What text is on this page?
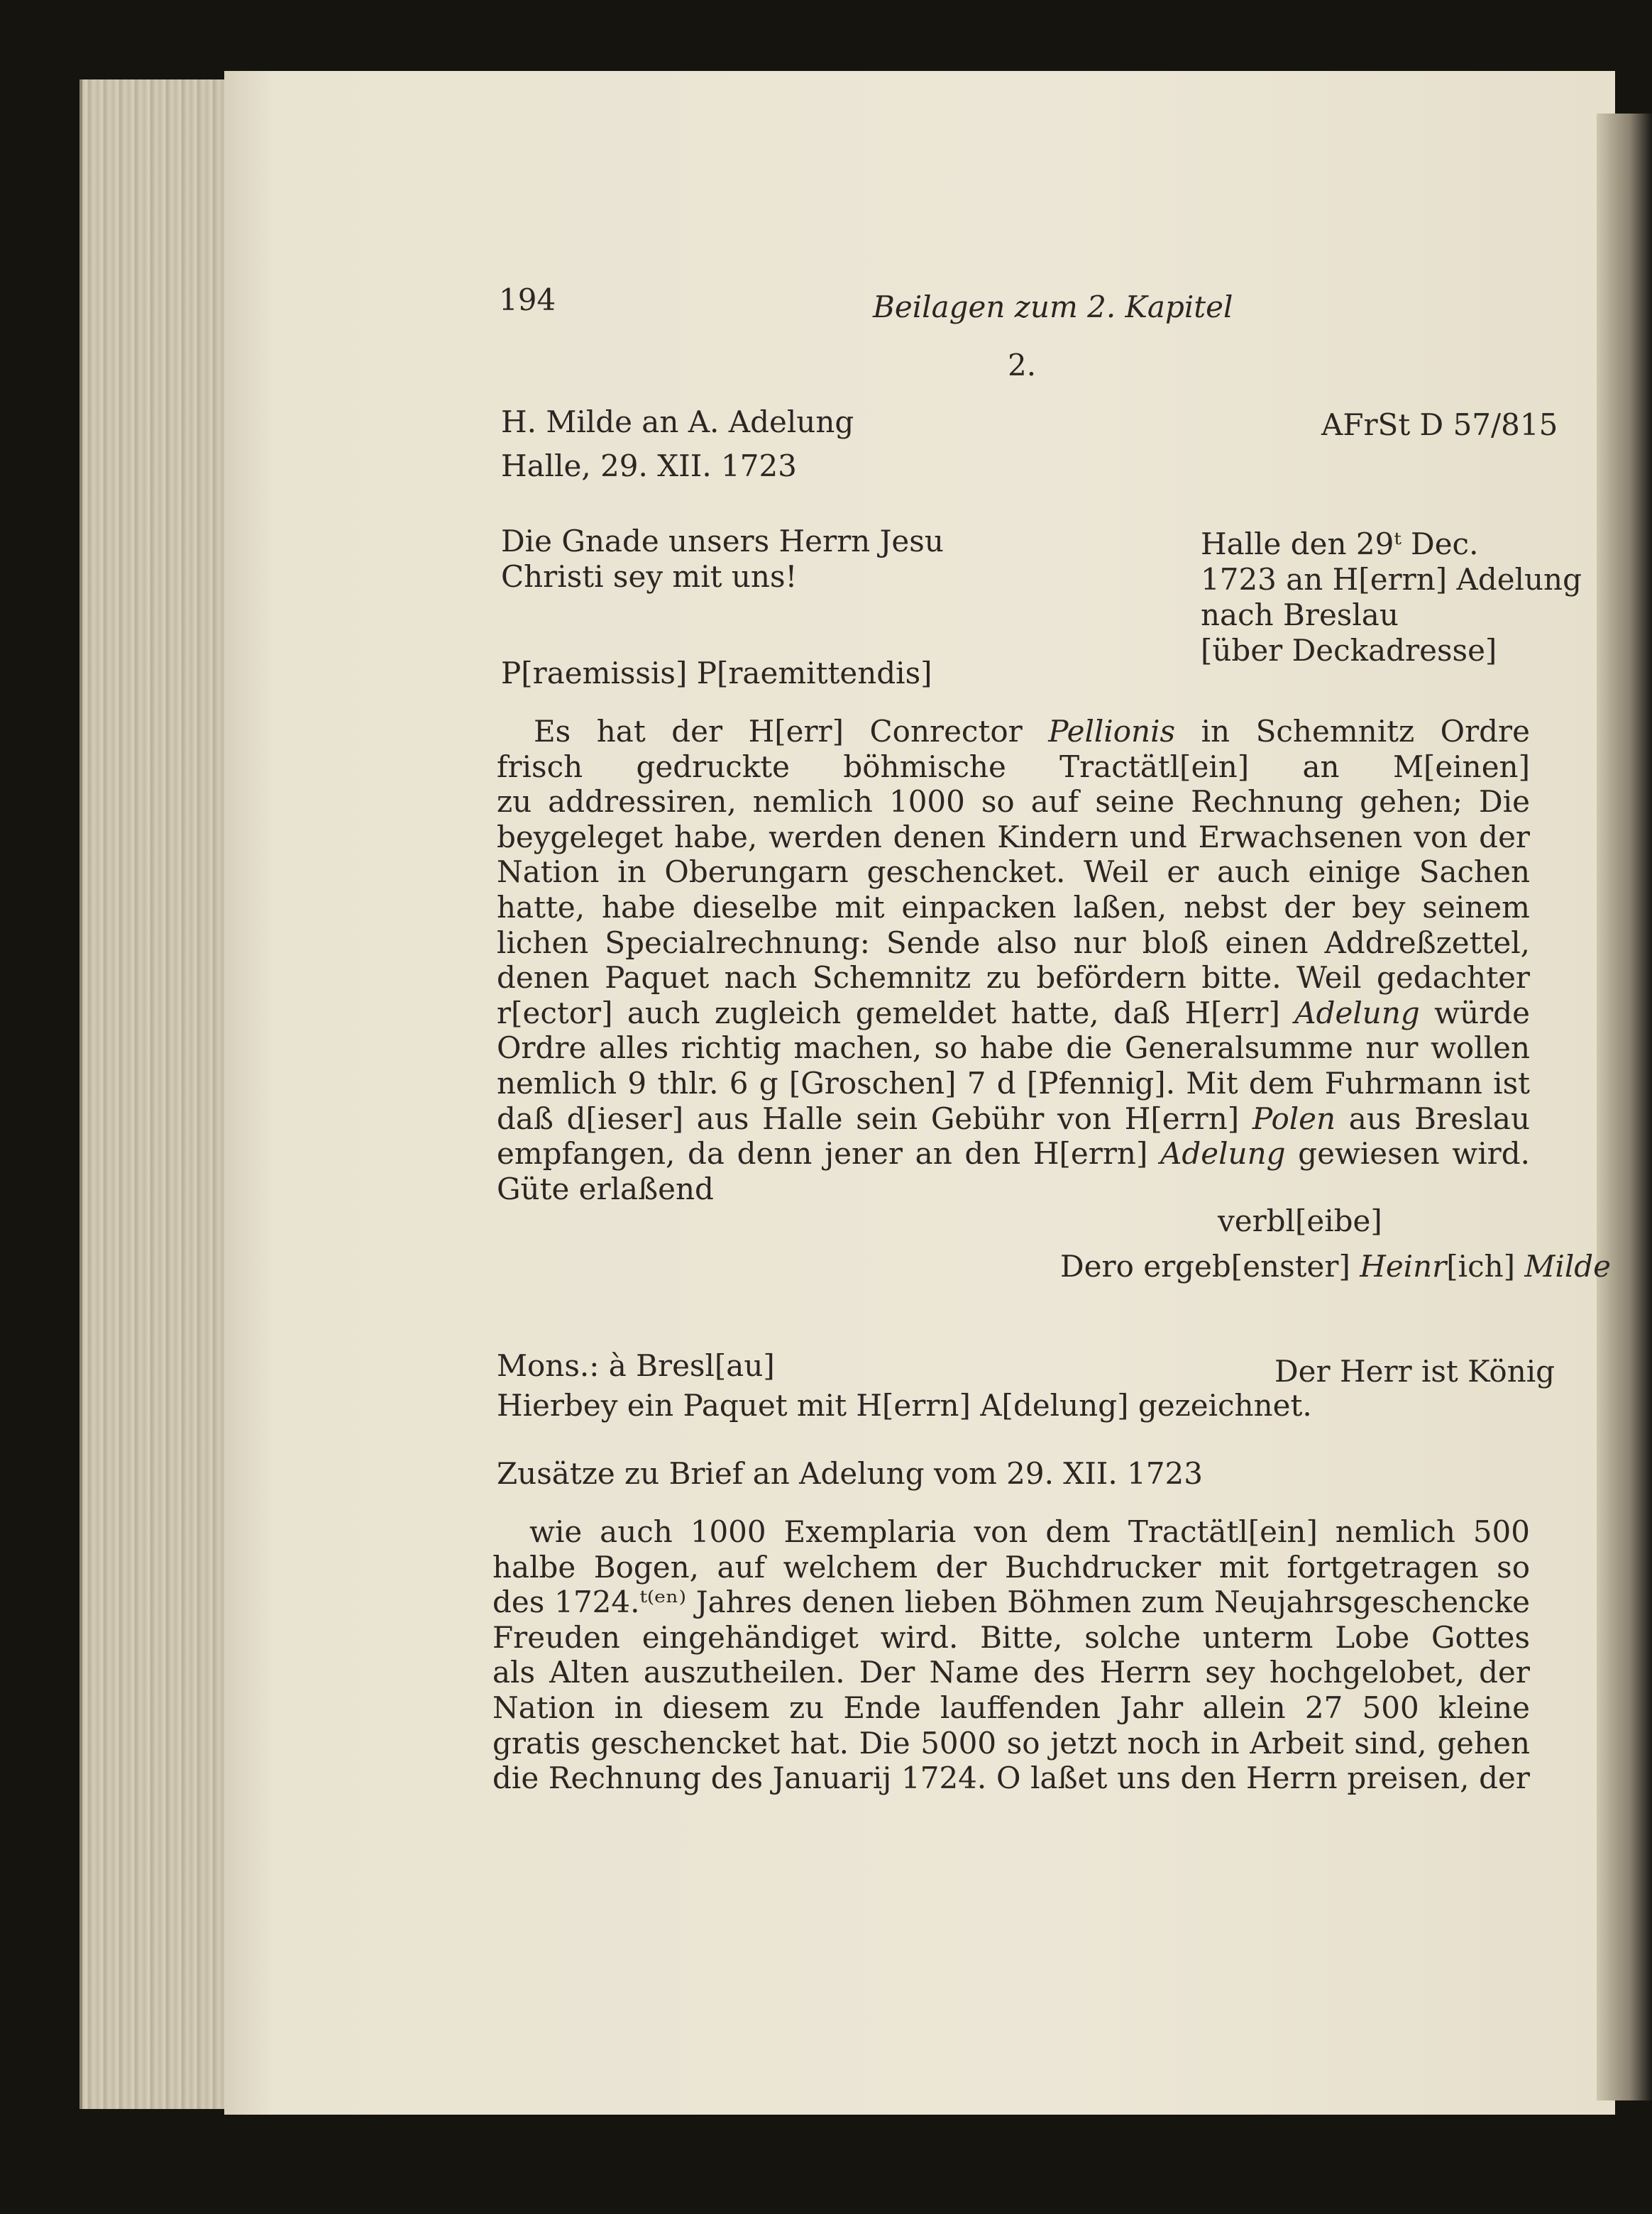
194	Beilagen zum 2. Kapitel
2.
H. Milde an A. Adelung	AFrSt D 57/815
Halle, 29. XII. 1723
Die Gnade unsers Herrn Jesu
Christi sey mit uns!
Halle den 29ᵗ Dec.
1723 an H[errn] Adelung
nach Breslau
[über Deckadresse]
P[raemissis] P[raemittendis]
Es hat der H[err] Conrector Pellionis in Schemnitz Ordre
frisch gedruckte böhmische Tractätl[ein] an M[einen]
zu addressiren, nemlich 1000 so auf seine Rechnung gehen; Die
beygeleget habe, werden denen Kindern und Erwachsenen von der
Nation in Oberungarn geschencket. Weil er auch einige Sachen
hatte, habe dieselbe mit einpacken laßen, nebst der bey seinem
lichen Specialrechnung: Sende also nur bloß einen Addreßzettel,
denen Paquet nach Schemnitz zu befördern bitte. Weil gedachter
r[ector] auch zugleich gemeldet hatte, daß H[err] Adelung würde
Ordre alles richtig machen, so habe die Generalsumme nur wollen
nemlich 9 thlr. 6 g [Groschen] 7 d [Pfennig]. Mit dem Fuhrmann ist
daß d[ieser] aus Halle sein Gebühr von H[errn] Polen aus Breslau
empfangen, da denn jener an den H[errn] Adelung gewiesen wird.
Güte erlaßend
verbl[eibe]
Dero ergeb[enster] Heinr[ich] Milde
Mons.: à Bresl[au]
Hierbey ein Paquet mit H[errn] A[delung] gezeichnet.
Der Herr ist König
Zusätze zu Brief an Adelung vom 29. XII. 1723
wie auch 1000 Exemplaria von dem Tractätl[ein] nemlich 500
halbe Bogen, auf welchem der Buchdrucker mit fortgetragen so
des 1724.ᵗ⁽ᵉⁿ⁾ Jahres denen lieben Böhmen zum Neujahrsgeschencke
Freuden eingehändiget wird. Bitte, solche unterm Lobe Gottes
als Alten auszutheilen. Der Name des Herrn sey hochgelobet, der
Nation in diesem zu Ende lauffenden Jahr allein 27 500 kleine
gratis geschencket hat. Die 5000 so jetzt noch in Arbeit sind, gehen
die Rechnung des Januarij 1724. O laßet uns den Herrn preisen, der
